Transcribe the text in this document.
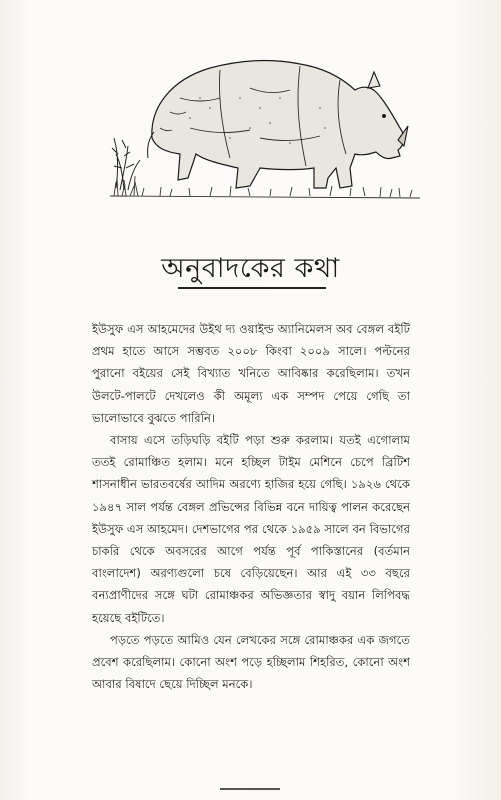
অনুবাদকের কথা

ইউসুফ এস আহমেদের উইথ দ্য ওয়াইল্ড অ্যানিমেলস অব বেঙ্গল বইটি প্রথম হাতে আসে সম্ভবত ২০০৮ কিংবা ২০০৯ সালে। পল্টনের পুরানো বইয়ের সেই বিখ্যাত খনিতে আবিষ্কার করেছিলাম। তখন উলটে-পালটে দেখলেও কী অমূল্য এক সম্পদ পেয়ে গেছি তা ভালোভাবে বুঝতে পারিনি।

বাসায় এসে তড়িঘড়ি বইটি পড়া শুরু করলাম। যতই এগোলাম ততই রোমাঞ্চিত হলাম। মনে হচ্ছিল টাইম মেশিনে চেপে ব্রিটিশ শাসনাধীন ভারতবর্ষের আদিম অরণ্যে হাজির হয়ে গেছি। ১৯২৬ থেকে ১৯৪৭ সাল পর্যন্ত বেঙ্গল প্রভিন্সের বিভিন্ন বনে দায়িত্ব পালন করেছেন ইউসুফ এস আহমেদ। দেশভাগের পর থেকে ১৯৫৯ সালে বন বিভাগের চাকরি থেকে অবসরের আগে পর্যন্ত পূর্ব পাকিস্তানের (বর্তমান বাংলাদেশ) অরণ্যগুলো চষে বেড়িয়েছেন। আর এই ৩৩ বছরে বন্যপ্রাণীদের সঙ্গে ঘটা রোমাঞ্চকর অভিজ্ঞতার স্বাদু বয়ান লিপিবদ্ধ হয়েছে বইটিতে।

পড়তে পড়তে আমিও যেন লেখকের সঙ্গে রোমাঞ্চকর এক জগতে প্রবেশ করেছিলাম। কোনো অংশ পড়ে হচ্ছিলাম শিহরিত, কোনো অংশ আবার বিষাদে ছেয়ে দিচ্ছিল মনকে।
